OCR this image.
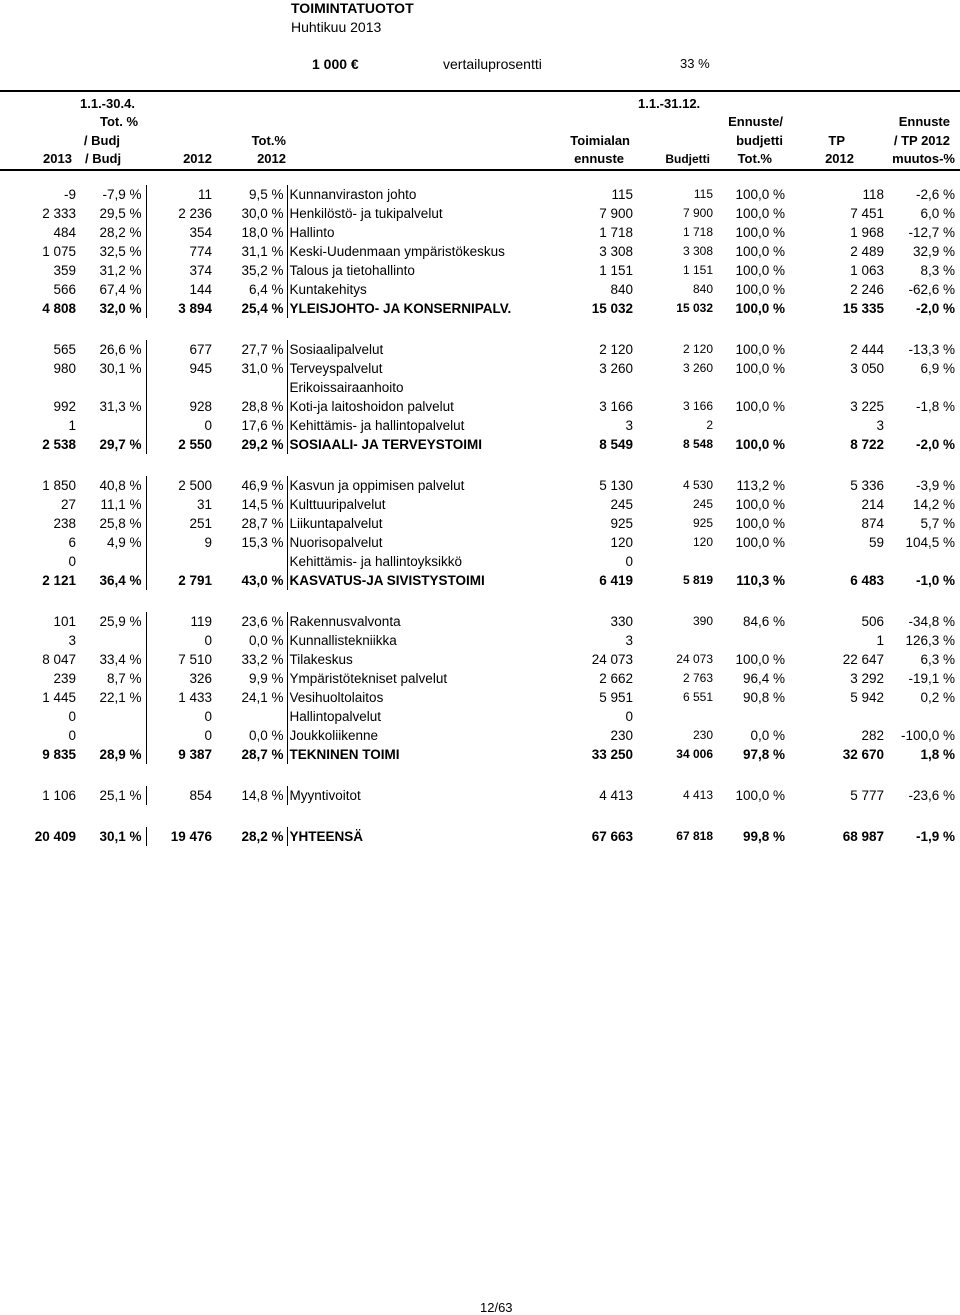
TOIMINTATUOTOT
Huhtikuu 2013
1 000 €	vertailuprosentti	33 %
1.1.-30.4.	1.1.-31.12.
Tot. %
/ Budj
2013 / Budj	2012
Tot.%
2012
Toimialan
ennuste	Budjetti
Ennuste/
budjetti
Tot.%
TP
2012
Ennuste
/ TP 2012
muutos-%
-9	-7,9 %	11	9,5 %	Kunnanviraston johto	115	115	100,0 %	118	-2,6 %
2 333	29,5 %	2 236	30,0 %	Henkilöstö- ja tukipalvelut	7 900	7 900	100,0 %	7 451	6,0 %
484	28,2 %	354	18,0 %	Hallinto	1 718	1 718	100,0 %	1 968	-12,7 %
1 075	32,5 %	774	31,1 %	Keski-Uudenmaan ympäristökeskus	3 308	3 308	100,0 %	2 489	32,9 %
359	31,2 %	374	35,2 %	Talous ja tietohallinto	1 151	1 151	100,0 %	1 063	8,3 %
566	67,4 %	144	6,4 %	Kuntakehitys	840	840	100,0 %	2 246	-62,6 %
4 808	32,0 %	3 894	25,4 %	YLEISJOHTO- JA KONSERNIPALV.	15 032	15 032	100,0 %	15 335	-2,0 %

565	26,6 %	677	27,7 %	Sosiaalipalvelut	2 120	2 120	100,0 %	2 444	-13,3 %
980	30,1 %	945	31,0 %	Terveyspalvelut	3 260	3 260	100,0 %	3 050	6,9 %
				Erikoissairaanhoito					
992	31,3 %	928	28,8 %	Koti-ja laitoshoidon palvelut	3 166	3 166	100,0 %	3 225	-1,8 %
1		0	17,6 %	Kehittämis- ja hallintopalvelut	3	2		3	
2 538	29,7 %	2 550	29,2 %	SOSIAALI- JA TERVEYSTOIMI	8 549	8 548	100,0 %	8 722	-2,0 %

1 850	40,8 %	2 500	46,9 %	Kasvun ja oppimisen palvelut	5 130	4 530	113,2 %	5 336	-3,9 %
27	11,1 %	31	14,5 %	Kulttuuripalvelut	245	245	100,0 %	214	14,2 %
238	25,8 %	251	28,7 %	Liikuntapalvelut	925	925	100,0 %	874	5,7 %
6	4,9 %	9	15,3 %	Nuorisopalvelut	120	120	100,0 %	59	104,5 %
0				Kehittämis- ja hallintoyksikkö	0				
2 121	36,4 %	2 791	43,0 %	KASVATUS-JA SIVISTYSTOIMI	6 419	5 819	110,3 %	6 483	-1,0 %

101	25,9 %	119	23,6 %	Rakennusvalvonta	330	390	84,6 %	506	-34,8 %
3		0	0,0 %	Kunnallistekniikka	3			1	126,3 %
8 047	33,4 %	7 510	33,2 %	Tilakeskus	24 073	24 073	100,0 %	22 647	6,3 %
239	8,7 %	326	9,9 %	Ympäristötekniset palvelut	2 662	2 763	96,4 %	3 292	-19,1 %
1 445	22,1 %	1 433	24,1 %	Vesihuoltolaitos	5 951	6 551	90,8 %	5 942	0,2 %
0		0		Hallintopalvelut	0				
0		0	0,0 %	Joukkoliikenne	230	230	0,0 %	282	-100,0 %
9 835	28,9 %	9 387	28,7 %	TEKNINEN TOIMI	33 250	34 006	97,8 %	32 670	1,8 %

1 106	25,1 %	854	14,8 %	Myyntivoitot	4 413	4 413	100,0 %	5 777	-23,6 %

20 409	30,1 %	19 476	28,2 %	YHTEENSÄ	67 663	67 818	99,8 %	68 987	-1,9 %
12/63
